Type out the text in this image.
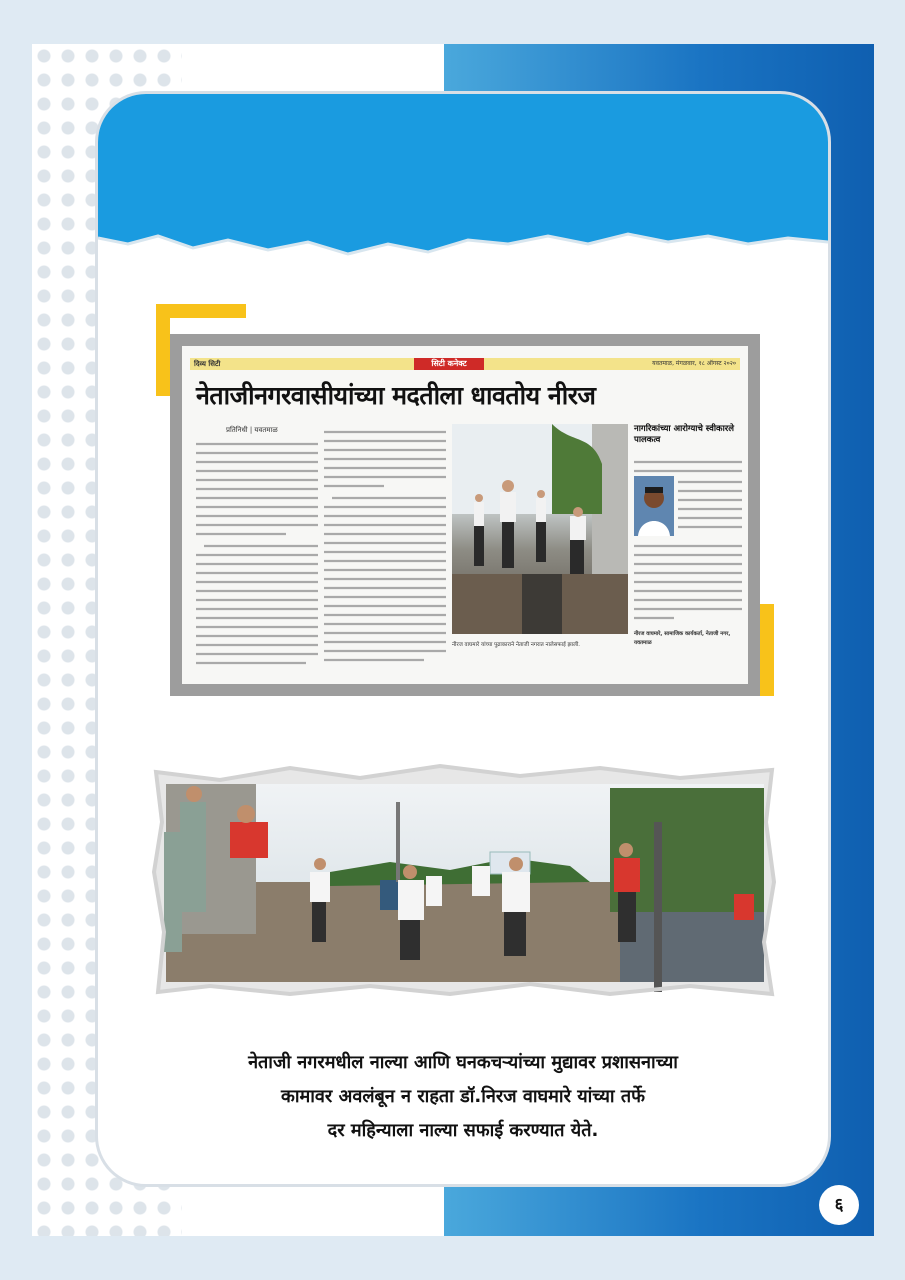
दिव्य सिटी	सिटी कनेक्ट	यवतमाळ, मंगळवार, १८ ऑगस्ट २०२०
नेताजीनगरवासीयांच्या मदतीला धावतोय नीरज
प्रतिनिधी | यवतमाळ
नीरज वाघमारे यांच्या पुढाकाराने नेताजी नगरात नालेसफाई झाली.
नागरिकांच्या आरोग्याचे स्वीकारले पालकत्व
नीरज वाघमारे, सामाजिक कार्यकर्ता, नेताजी नगर, यवतमाळ
नेताजी नगरमधील नाल्या आणि घनकचऱ्यांच्या मुद्यावर प्रशासनाच्या
कामावर अवलंबून न राहता डॉ.निरज वाघमारे यांच्या तर्फे
दर महिन्याला नाल्या सफाई करण्यात येते.
६
